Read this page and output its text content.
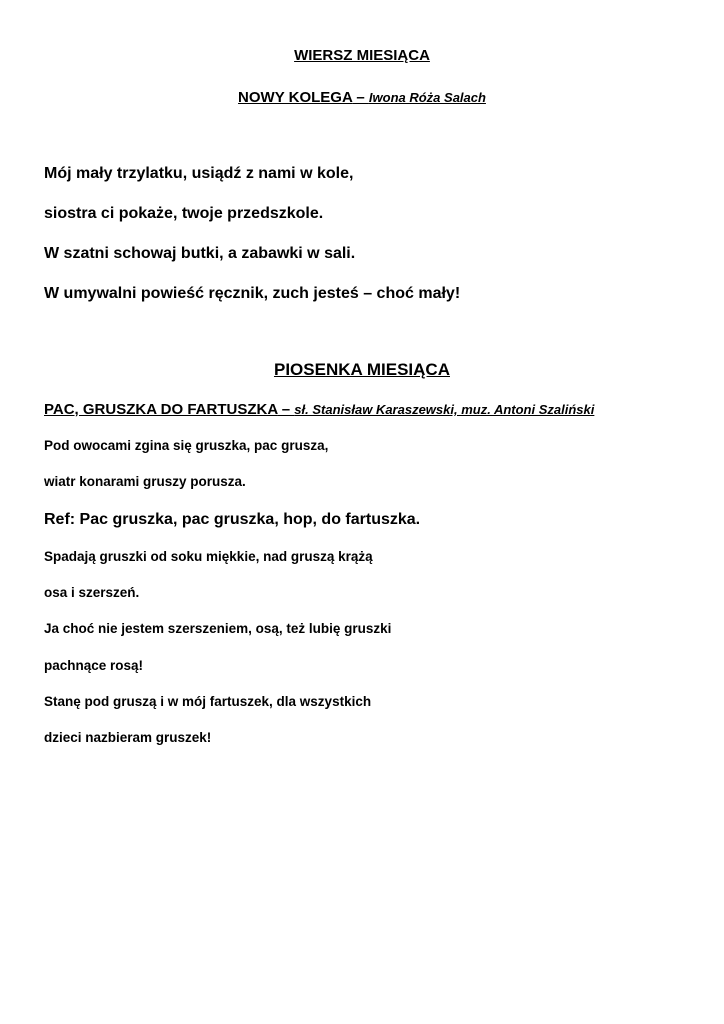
WIERSZ MIESIĄCA
NOWY KOLEGA – Iwona Róża Salach
Mój mały trzylatku, usiądź z nami w kole,
siostra ci pokaże, twoje przedszkole.
W szatni schowaj butki, a zabawki w sali.
W umywalni powieść ręcznik, zuch jesteś – choć mały!
PIOSENKA MIESIĄCA
PAC, GRUSZKA DO FARTUSZKA – sł. Stanisław Karaszewski, muz. Antoni Szaliński
Pod owocami zgina się gruszka, pac grusza,
wiatr konarami gruszy porusza.
Ref: Pac gruszka, pac gruszka, hop, do fartuszka.
Spadają gruszki od soku miękkie, nad gruszą krążą
osa i szerszeń.
Ja choć nie jestem szerszeniem, osą, też lubię gruszki
pachnące rosą!
Stanę pod gruszą i w mój fartuszek, dla wszystkich
dzieci nazbieram gruszek!
